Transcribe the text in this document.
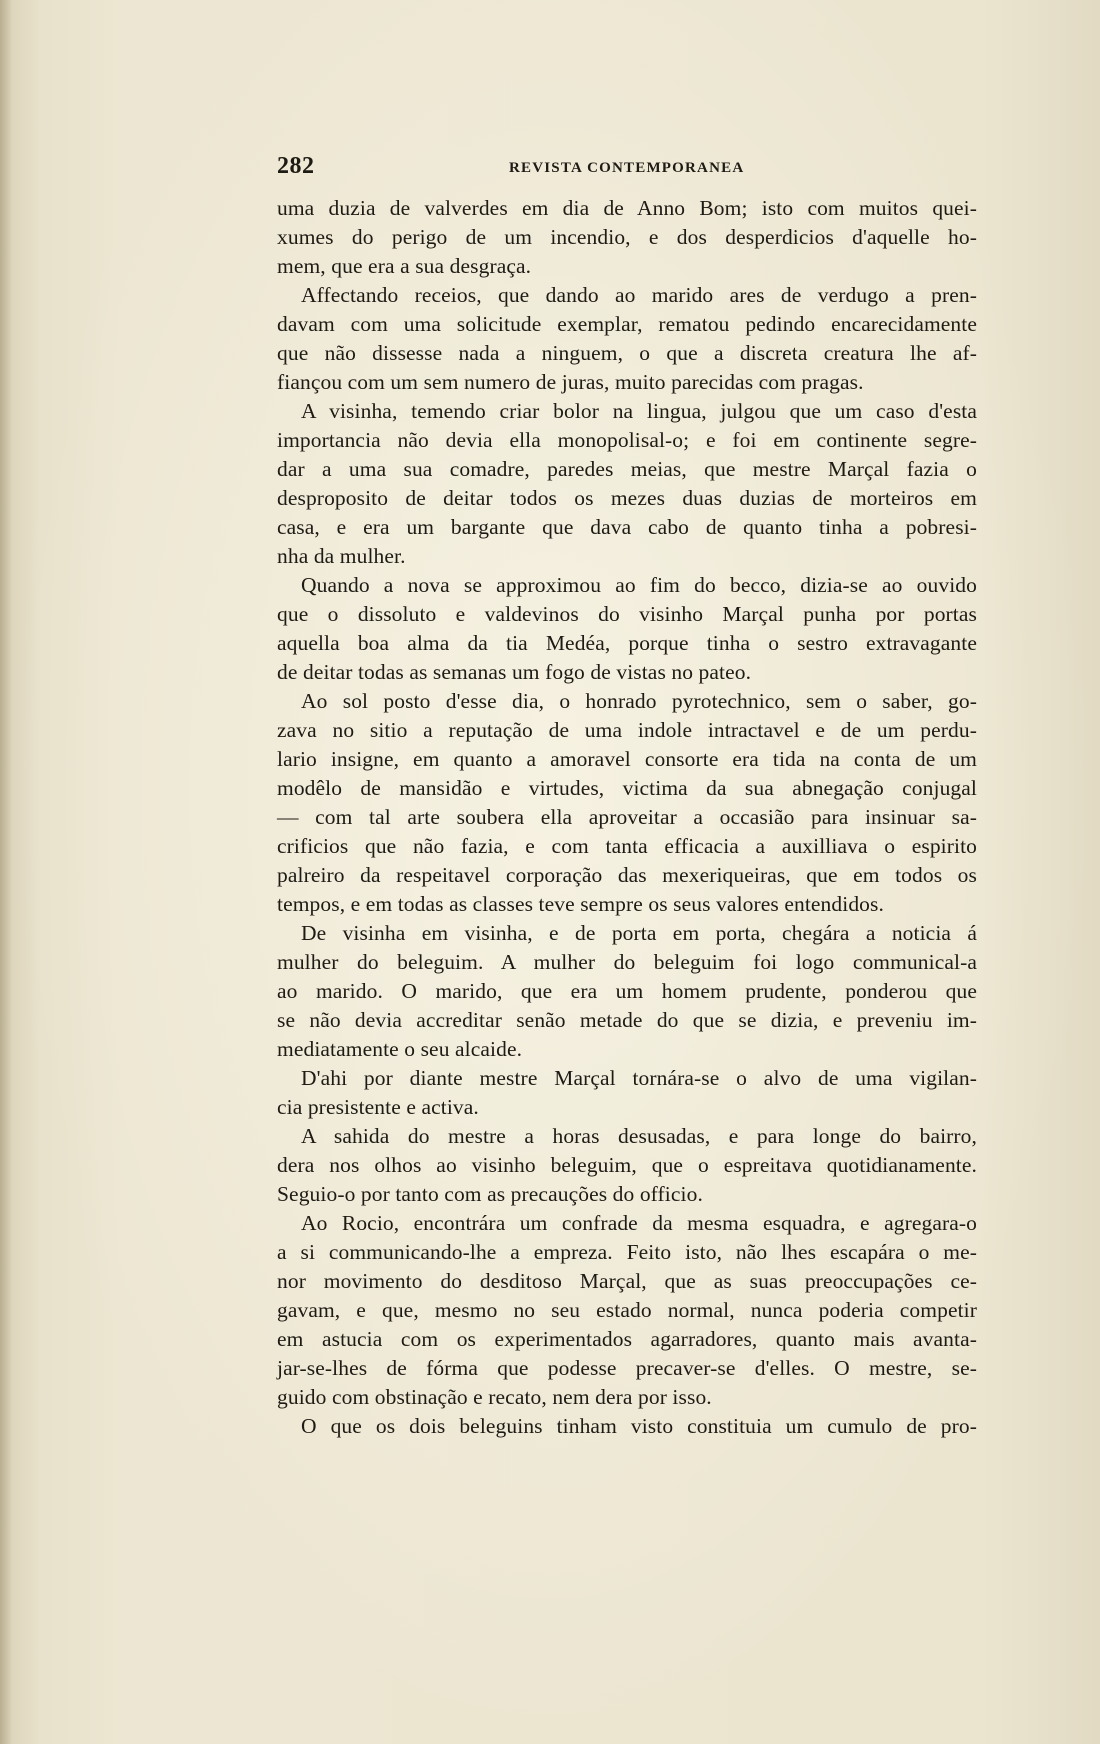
282	REVISTA CONTEMPORANEA
uma duzia de valverdes em dia de Anno Bom; isto com muitos quei-
xumes do perigo de um incendio, e dos desperdicios d'aquelle ho-
mem, que era a sua desgraça.
Affectando receios, que dando ao marido ares de verdugo a pren-
davam com uma solicitude exemplar, rematou pedindo encarecidamente
que não dissesse nada a ninguem, o que a discreta creatura lhe af-
fiançou com um sem numero de juras, muito parecidas com pragas.
A visinha, temendo criar bolor na lingua, julgou que um caso d'esta
importancia não devia ella monopolisal-o; e foi em continente segre-
dar a uma sua comadre, paredes meias, que mestre Marçal fazia o
desproposito de deitar todos os mezes duas duzias de morteiros em
casa, e era um bargante que dava cabo de quanto tinha a pobresi-
nha da mulher.
Quando a nova se approximou ao fim do becco, dizia-se ao ouvido
que o dissoluto e valdevinos do visinho Marçal punha por portas
aquella boa alma da tia Medéa, porque tinha o sestro extravagante
de deitar todas as semanas um fogo de vistas no pateo.
Ao sol posto d'esse dia, o honrado pyrotechnico, sem o saber, go-
zava no sitio a reputação de uma indole intractavel e de um perdu-
lario insigne, em quanto a amoravel consorte era tida na conta de um
modêlo de mansidão e virtudes, victima da sua abnegação conjugal
— com tal arte soubera ella aproveitar a occasião para insinuar sa-
crificios que não fazia, e com tanta efficacia a auxilliava o espirito
palreiro da respeitavel corporação das mexeriqueiras, que em todos os
tempos, e em todas as classes teve sempre os seus valores entendidos.
De visinha em visinha, e de porta em porta, chegára a noticia á
mulher do beleguim. A mulher do beleguim foi logo communical-a
ao marido. O marido, que era um homem prudente, ponderou que
se não devia accreditar senão metade do que se dizia, e preveniu im-
mediatamente o seu alcaide.
D'ahi por diante mestre Marçal tornára-se o alvo de uma vigilan-
cia presistente e activa.
A sahida do mestre a horas desusadas, e para longe do bairro,
dera nos olhos ao visinho beleguim, que o espreitava quotidianamente.
Seguio-o por tanto com as precauções do officio.
Ao Rocio, encontrára um confrade da mesma esquadra, e agregara-o
a si communicando-lhe a empreza. Feito isto, não lhes escapára o me-
nor movimento do desditoso Marçal, que as suas preoccupações ce-
gavam, e que, mesmo no seu estado normal, nunca poderia competir
em astucia com os experimentados agarradores, quanto mais avanta-
jar-se-lhes de fórma que podesse precaver-se d'elles. O mestre, se-
guido com obstinação e recato, nem dera por isso.
O que os dois beleguins tinham visto constituia um cumulo de pro-
